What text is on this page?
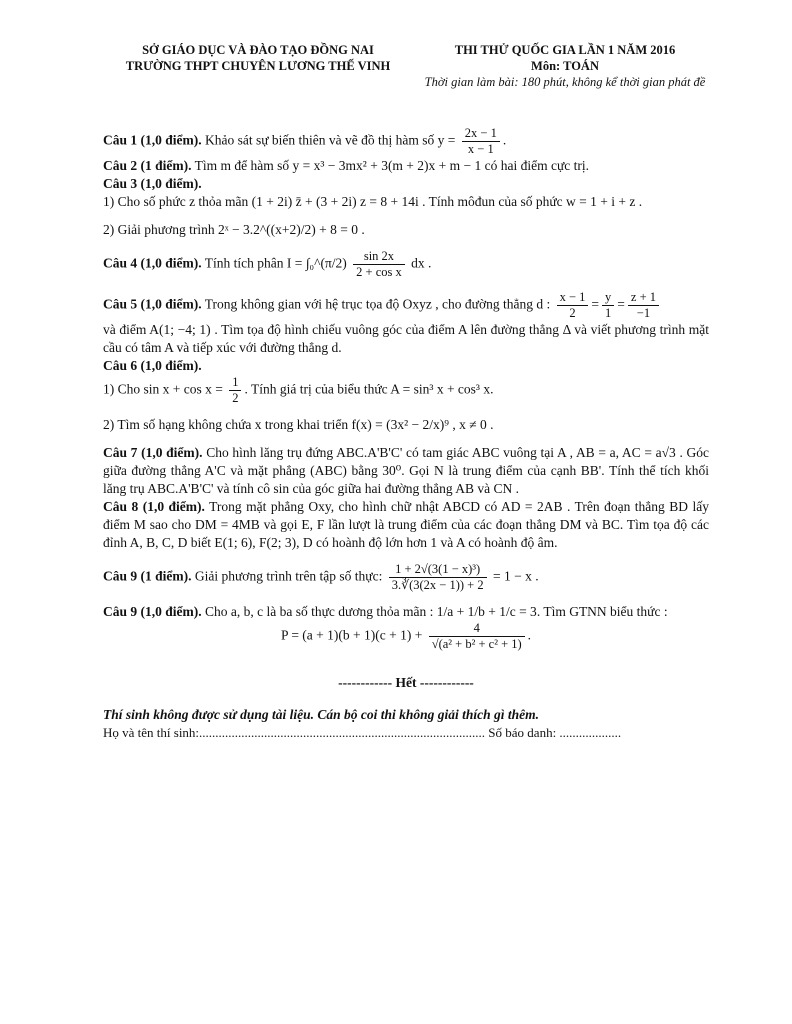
SỞ GIÁO DỤC VÀ ĐÀO TẠO ĐỒNG NAI
TRƯỜNG THPT CHUYÊN LƯƠNG THẾ VINH
THI THỬ QUỐC GIA LẦN 1 NĂM 2016
Môn: TOÁN
Thời gian làm bài: 180 phút, không kể thời gian phát đề

Câu 1 (1,0 điểm). Khảo sát sự biến thiên và vẽ đồ thị hàm số $y = \frac{2x - 1}{x - 1}$ .

Câu 2 (1 điểm). Tìm m để hàm số y = x³ − 3mx² + 3(m + 2)x + m − 1 có hai điểm cực trị.

Câu 3 (1,0 điểm).
1) Cho số phức z thỏa mãn (1 + 2i) z̄ + (3 + 2i) z = 8 + 14i . Tính môđun của số phức w = 1 + i + z .

2) Giải phương trình 2ˣ − 3.2^((x+2)/2) + 8 = 0 .

Câu 4 (1,0 điểm). Tính tích phân I = ∫₀^(π/2) $\frac{\sin 2x}{\text{2 + cos x}}$ dx .

Câu 5 (1,0 điểm). Trong không gian với hệ trục tọa độ Oxyz , cho đường thẳng d : $\frac{x - 1}{2} = \frac{y}{1} = \frac{z + 1}{-1}$

và điểm A(1; −4; 1) . Tìm tọa độ hình chiếu vuông góc của điểm A lên đường thẳng Δ và viết phương trình mặt cầu có tâm A và tiếp xúc với đường thẳng d.

Câu 6 (1,0 điểm).
1) Cho $\sin x + \cos x = \frac{1}{2}$ . Tính giá trị của biểu thức A = sin³ x + cos³ x.

2) Tìm số hạng không chứa x trong khai triển f(x) = (3x² − 2/x)⁹ , x ≠ 0 .

Câu 7 (1,0 điểm). Cho hình lăng trụ đứng ABC.A'B'C' có tam giác ABC vuông tại A , AB = a, AC = a√3 . Góc giữa đường thẳng A'C và mặt phẳng (ABC) bằng 30⁰. Gọi N là trung điểm của cạnh BB'. Tính thể tích khối lăng trụ ABC.A'B'C' và tính cô sin của góc giữa hai đường thẳng AB và CN .

Câu 8 (1,0 điểm). Trong mặt phẳng Oxy, cho hình chữ nhật ABCD có AD = 2AB . Trên đoạn thẳng BD lấy điểm M sao cho DM = 4MB và gọi E, F lần lượt là trung điểm của các đoạn thẳng DM và BC. Tìm tọa độ các đỉnh A, B, C, D biết E(1; 6), F(2; 3), D có hoành độ lớn hơn 1 và A có hoành độ âm.

Câu 9 (1 điểm). Giải phương trình trên tập số thực: $\frac{\text{1 + 2√(3(1 − x)³)}}{3.∛(3(2x - 1)) + 2} = 1 - x$ .

Câu 9 (1,0 điểm). Cho a, b, c là ba số thực dương thỏa mãn : 1/a + 1/b + 1/c = 3. Tìm GTNN biểu thức :

$P = (a + 1)(b + 1)(c + 1) + \frac{4}{\text{√(a² + b² + c² + 1)}}$ .

------------ Hết ------------
Thí sinh không được sử dụng tài liệu. Cán bộ coi thi không giải thích gì thêm.
Họ và tên thí sinh:........................................................................................ Số báo danh: ...................
